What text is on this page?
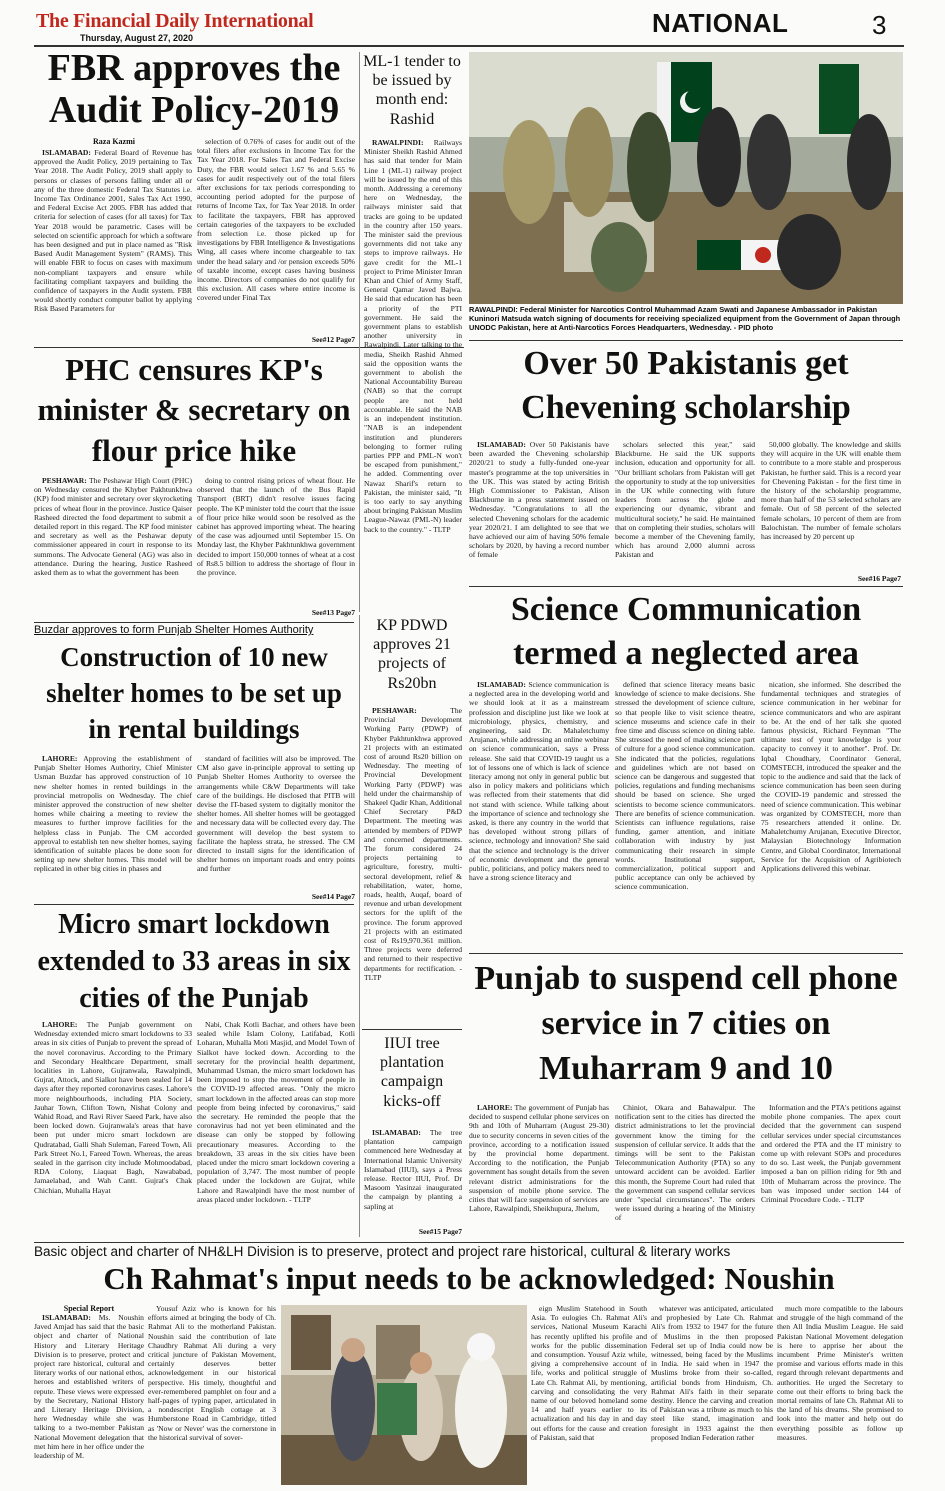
The Financial Daily International
Thursday, August 27, 2020	NATIONAL	3
FBR approves the Audit Policy-2019
Raza Kazmi

ISLAMABAD: Federal Board of Revenue has approved the Audit Policy, 2019 pertaining to Tax Year 2018. The Audit Policy, 2019 shall apply to persons or classes of persons falling under all or any of the three domestic Federal Tax Statutes i.e. Income Tax Ordinance 2001, Sales Tax Act 1990, and Federal Excise Act 2005. FBR has added that criteria for selection of cases (for all taxes) for Tax Year 2018 would be parametric. Cases will be selected on scientific approach for which a software has been designed and put in place named as "Risk Based Audit Management System" (RAMS). This will enable FBR to focus on cases with maximum non-compliant taxpayers and ensure while facilitating compliant taxpayers and building the confidence of taxpayers in the Audit system. FBR would shortly conduct computer ballot by applying Risk Based Parameters for

selection of 0.76% of cases for audit out of the total filers after exclusions in Income Tax for the Tax Year 2018. For Sales Tax and Federal Excise Duty, the FBR would select 1.67 % and 5.65 % cases for audit respectively out of the total filers after exclusions for tax periods corresponding to accounting period adopted for the purpose of returns of Income Tax, for Tax Year 2018. In order to facilitate the taxpayers, FBR has approved certain categories of the taxpayers to be excluded from selection i.e. those picked up for investigations by FBR Intelligence & Investigations Wing, all cases where income chargeable to tax under the head salary and /or pension exceeds 50% of taxable income, except cases having business income. Directors of companies do not qualify for this exclusion. All cases where entire income is covered under Final Tax

See#12 Page7
ML-1 tender to be issued by month end: Rashid

RAWALPINDI: Railways Minister Sheikh Rashid Ahmed has said that tender for Main Line 1 (ML-1) railway project will be issued by the end of this month. Addressing a ceremony here on Wednesday, the railways minister said that tracks are going to be updated in the country after 150 years. The minister said the previous governments did not take any steps to improve railways. He gave credit for the ML-1 project to Prime Minister Imran Khan and Chief of Army Staff, General Qamar Javed Bajwa. He said that education has been a priority of the PTI government. He said the government plans to establish another university in Rawalpindi. Later talking to the media, Sheikh Rashid Ahmed said the opposition wants the government to abolish the National Accountability Bureau (NAB) so that the corrupt people are not held accountable. He said the NAB is an independent institution. "NAB is an independent institution and plunderers belonging to former ruling parties PPP and PML-N won't be escaped from punishment," he added. Commenting over Nawaz Sharif's return to Pakistan, the minister said, "It is too early to say anything about bringing Pakistan Muslim League-Nawaz (PML-N) leader back to the country." - TLTP

RAWALPINDI: Federal Minister for Narcotics Control Muhammad Azam Swati and Japanese Ambassador in Pakistan Kuninori Matsuda watch signing of documents for receiving specialized equipment from the Government of Japan through UNODC Pakistan, here at Anti-Narcotics Forces Headquarters, Wednesday. - PID photo
PHC censures KP's minister & secretary on flour price hike

PESHAWAR: The Peshawar High Court (PHC) on Wednesday censured the Khyber Pakhtunkhwa (KP) food minister and secretary over skyrocketing prices of wheat flour in the province. Justice Qaiser Rasheed directed the food department to submit a detailed report in this regard. The KP food minister and secretary as well as the Peshawar deputy commissioner appeared in court in response to its summons. The Advocate General (AG) was also in attendance. During the hearing, Justice Rasheed asked them as to what the government has been

doing to control rising prices of wheat flour. He observed that the launch of the Bus Rapid Transport (BRT) didn't resolve issues facing people. The KP minister told the court that the issue of flour price hike would soon be resolved as the cabinet has approved importing wheat. The hearing of the case was adjourned until September 15. On Monday last, the Khyber Pakhtunkhwa government decided to import 150,000 tonnes of wheat at a cost of Rs8.5 billion to address the shortage of flour in the province.

See#13 Page7
Over 50 Pakistanis get Chevening scholarship

ISLAMABAD: Over 50 Pakistanis have been awarded the Chevening scholarship 2020/21 to study a fully-funded one-year master's programme at the top universities in the UK. This was stated by acting British High Commissioner to Pakistan, Alison Blackburne in a press statement issued on Wednesday. "Congratulations to all the selected Chevening scholars for the academic year 2020/21. I am delighted to see that we have achieved our aim of having 50% female scholars by 2020, by having a record number of female

scholars selected this year," said Blackburne. He said the UK supports inclusion, education and opportunity for all. "Our brilliant scholars from Pakistan will get the opportunity to study at the top universities in the UK while connecting with future leaders from across the globe and experiencing our dynamic, vibrant and multicultural society," he said. He maintained that on completing their studies, scholars will become a member of the Chevening family, which has around 2,000 alumni across Pakistan and

50,000 globally. The knowledge and skills they will acquire in the UK will enable them to contribute to a more stable and prosperous Pakistan, he further said. This is a record year for Chevening Pakistan - for the first time in the history of the scholarship programme, more than half of the 53 selected scholars are female. Out of 58 percent of the selected female scholars, 10 percent of them are from Balochistan. The number of female scholars has increased by 20 percent up

See#16 Page7
Buzdar approves to form Punjab Shelter Homes Authority
Construction of 10 new shelter homes to be set up in rental buildings

LAHORE: Approving the establishment of Punjab Shelter Homes Authority, Chief Minister Usman Buzdar has approved construction of 10 new shelter homes in rented buildings in the provincial metropolis on Wednesday. The chief minister approved the construction of new shelter homes while chairing a meeting to review the measures to further improve facilities for the helpless class in Punjab. The CM accorded approval to establish ten new shelter homes, saying identification of suitable places be done soon for setting up new shelter homes. This model will be replicated in other big cities in phases and

standard of facilities will also be improved. The CM also gave in-principle approval to setting up Punjab Shelter Homes Authority to oversee the arrangements while C&W Departments will take care of the buildings. He disclosed that PITB will devise the IT-based system to digitally monitor the shelter homes. All shelter homes will be geotagged and necessary data will be collected every day. The government will develop the best system to facilitate the hapless strata, he stressed. The CM directed to install signs for the identification of shelter homes on important roads and entry points and further

See#14 Page7
KP PDWD approves 21 projects of Rs20bn

PESHAWAR:	The Provincial Development Working Party (PDWP) of Khyber Pakhtunkhwa approved 21 projects with an estimated cost of around Rs20 billion on Wednesday. The meeting of Provincial Development Working Party (PDWP) was held under the chairmanship of Shakeel Qadir Khan, Additional Chief Secretary P&D Department. The meeting was attended by members of PDWP and concerned departments. The forum considered 24 projects pertaining to agriculture, forestry, multi-sectoral development, relief & rehabilitation, water, home, roads, health, Auqaf, board of revenue and urban development sectors for the uplift of the province. The forum approved 21 projects with an estimated cost of Rs19,970.361 million. Three projects were deferred and returned to their respective departments for rectification. - TLTP

Science Communication termed a neglected area

ISLAMABAD: Science communication is a neglected area in the developing world and we should look at it as a mainstream profession and discipline just like we look at microbiology, physics, chemistry, and engineering, said Dr. Mahaletchumy Arujanan, while addressing an online webinar on science communication, says a Press release. She said that COVID-19 taught us a lot of lessons one of which is lack of science literacy among not only in general public but also in policy makers and politicians which was reflected from their statements that did not stand with science. While talking about the importance of science and technology she asked, is there any country in the world that has developed without strong pillars of science, technology and innovation? She said that the science and technology is the driver of economic development and the general public, politicians, and policy makers need to have a strong science literacy and

defined that science literacy means basic knowledge of science to make decisions. She stressed the development of science culture, so that people like to visit science theatre, science museums and science cafe in their free time and discuss science on dining table. She stressed the need of making science part of culture for a good science communication. She indicated that the policies, regulations and guidelines which are not based on science can be dangerous and suggested that policies, regulations and funding mechanisms should be based on science. She urged scientists to become science communicators. There are benefits of science communication. Scientists can influence regulations, raise funding, garner attention, and initiate collaboration with industry by just communicating their research in simple words. Institutional support, commercialization, political support and public acceptance can only be achieved by science communication.

nication, she informed. She described the fundamental techniques and strategies of science communication in her webinar for science communicators and who are aspirant to be. At the end of her talk she quoted famous physicist, Richard Feynman "The ultimate test of your knowledge is your capacity to convey it to another". Prof. Dr. Iqbal Choudhary, Coordinator General, COMSTECH, introduced the speaker and the topic to the audience and said that the lack of science communication has been seen during the COVID-19 pandemic and stressed the need of science communication. This webinar was organized by COMSTECH, more than 75 researchers attended it online. Dr. Mahaletchumy Arujanan, Executive Director, Malaysian Biotechnology Information Centre, and Global Coordinator, International Service for the Acquisition of Agribiotech Applications delivered this webinar.

Micro smart lockdown extended to 33 areas in six cities of the Punjab

LAHORE: The Punjab government on Wednesday extended micro smart lockdowns to 33 areas in six cities of Punjab to prevent the spread of the novel coronavirus. According to the Primary and Secondary Healthcare Department, small localities in Lahore, Gujranwala, Rawalpindi, Gujrat, Attock, and Sialkot have been sealed for 14 days after they reported coronavirus cases. Lahore's more neighbourhoods, including PIA Society, Jauhar Town, Clifton Town, Nishat Colony and Wahid Road, and Ravi River Saeed Park, have also been locked down. Gujranwala's areas that have been put under micro smart lockdown are Qudratabad, Galli Shah Suleman, Fareed Town, Ali Park Street No.1, Fareed Town. Whereas, the areas sealed in the garrison city include Mohmoodabad, RDA Colony, Liaquat Bagh, Nawababad, Jamaelabad, and Wah Cantt. Gujrat's Chak Chichian, Muhalla Hayat

Nabi, Chak Kotli Bachar, and others have been sealed while Islam Colony, Latifabad, Kotli Loharan, Muhalla Moti Masjid, and Model Town of Sialkot have locked down. According to the secretary for the provincial health department, Muhammad Usman, the micro smart lockdown has been imposed to stop the movement of people in the COVID-19 affected areas. "Only the micro smart lockdown in the affected areas can stop more people from being infected by coronavirus," said the secretary. He reminded the people that the coronavirus had not yet been eliminated and the disease can only be stopped by following precautionary measures. According to the breakdown, 33 areas in the six cities have been placed under the micro smart lockdown covering a population of 3,747. The most number of people placed under the lockdown are Gujrat, while Lahore and Rawalpindi have the most number of areas placed under lockdown. - TLTP

IIUI tree plantation campaign kicks-off

ISLAMABAD: The tree plantation campaign commenced here Wednesday at International Islamic University Islamabad (IIUI), says a Press release. Rector IIUI, Prof. Dr Masoom Yasinzai inaugurated the campaign by planting a sapling at

See#15 Page7
Punjab to suspend cell phone service in 7 cities on Muharram 9 and 10

LAHORE: The government of Punjab has decided to suspend cellular phone services on 9th and 10th of Muharram (August 29-30) due to security concerns in seven cities of the province, according to a notification issued by the provincial home department. According to the notification, the Punjab government has sought details from the seven relevant district administrations for the suspension of mobile phone service. The cities that will face suspension of services are Lahore, Rawalpindi, Sheikhupura, Jhelum,

Chiniot, Okara and Bahawalpur. The notification sent to the cities has directed the district administrations to let the provincial government know the timing for the suspension of cellular service. It adds that the timings will be sent to the Pakistan Telecommunication Authority (PTA) so any untoward accident can be avoided. Earlier this month, the Supreme Court had ruled that the government can suspend cellular services under "special circumstances". The orders were issued during a hearing of the Ministry of

Information and the PTA's petitions against mobile phone companies. The apex court decided that the government can suspend cellular services under special circumstances and ordered the PTA and the IT ministry to come up with relevant SOPs and procedures to do so. Last week, the Punjab government imposed a ban on pillion riding for 9th and 10th of Muharram across the province. The ban was imposed under section 144 of Criminal Procedure Code. - TLTP

Basic object and charter of NH&LH Division is to preserve, protect and project rare historical, cultural & literary works
Ch Rahmat's input needs to be acknowledged: Noushin
Special Report

ISLAMABAD: Ms. Noushin Javed Amjad has said that the basic object and charter of National History and Literary Heritage Division is to preserve, protect and project rare historical, cultural and literary works of our national ethos, heroes and established writers of repute. These views were expressed by the Secretary, National History and Literary Heritage Division, here Wednesday while she was talking to a two-member Pakistan National Movement delegation that met him here in her office under the leadership of M.

Yousuf Aziz who is known for his efforts aimed at bringing the body of Ch. Rahmat Ali to the motherland Pakistan. Noushin said the contribution of late Chaudhry Rahmat Ali during a very critical juncture of Pakistan Movement, certainly deserves better acknowledgement in our historical perspective. His timely, thoughtful and ever-remembered pamphlet on four and a half-pages of typing paper, articulated in a nondescript English cottage at 3 Humberstone Road in Cambridge, titled as 'Now or Never' was the cornerstone in the historical survival of sover-

eign Muslim Statehood in South Asia. To eulogies Ch. Rahmat Ali's services, National Museum Karachi has recently uplifted his profile and works for the public dissemination and consumption. Yousuf Aziz while, giving a comprehensive account of life, works and political struggle of Late Ch. Rahmat Ali, by mentioning, carving and consolidating the very name of our beloved homeland some 14 and half years earlier to its actualization and his day in and day out efforts for the cause and creation of Pakistan, said that

whatever was anticipated, articulated and prophesied by Late Ch. Rahmat Ali's from 1932 to 1947 for the future of Muslims in the then proposed Federal set up of India could now be witnessed, being faced by the Muslims in India. He said when in 1947 the Muslims broke from their so-called, artificial bonds from Hinduism, Ch. Rahmat Ali's faith in their separate destiny. Hence the carving and creation of Pakistan was a tribute as much to his steel like stand, imagination and foresight in 1933 against the then proposed Indian Federation rather

much more compatible to the labours and struggle of the high command of the then All India Muslim League. He said Pakistan National Movement delegation is here to apprise her about the incumbent Prime Minister's written promise and various efforts made in this regard through relevant departments and authorities. He urged the Secretary to come out their efforts to bring back the mortal remains of late Ch. Rahmat Ali to the land of his dreams. She promised to look into the matter and help out do everything possible as follow up measures.
